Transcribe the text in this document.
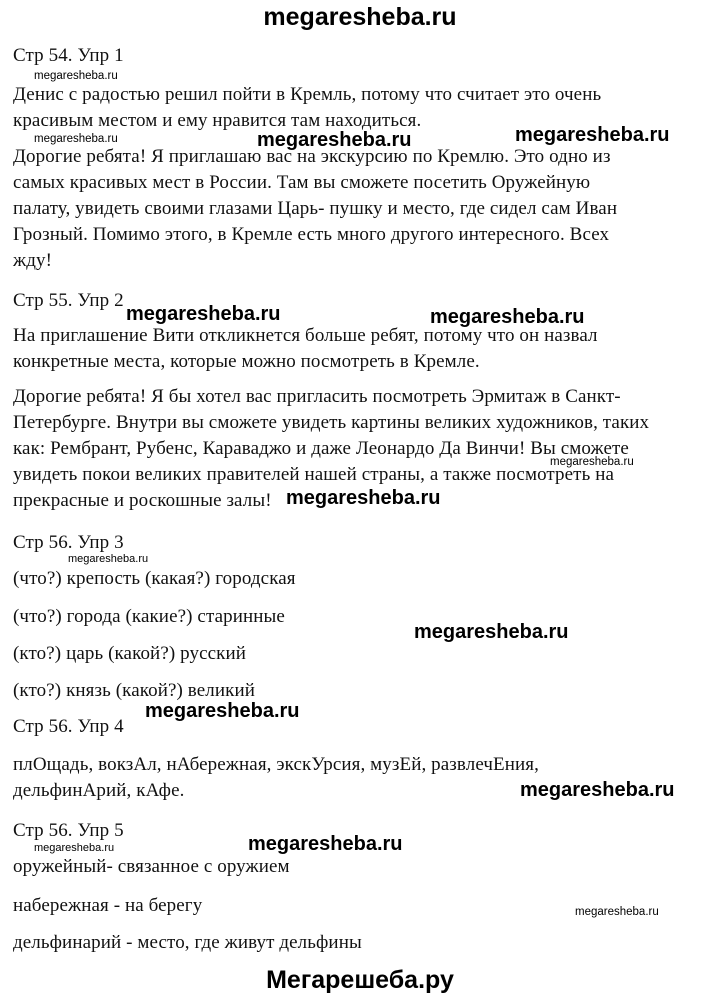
megaresheba.ru
Мегарешеба.ру
Стр 54. Упр 1
Стр 55. Упр 2
Стр 56. Упр 3
Стр 56. Упр 4
Стр 56. Упр 5
Денис с радостью решил пойти в Кремль, потому что считает это очень
красивым местом и ему нравится там находиться.
Дорогие ребята! Я приглашаю вас на экскурсию по Кремлю. Это одно из
самых красивых мест в России. Там вы сможете посетить Оружейную
палату, увидеть своими глазами Царь- пушку и место, где сидел сам Иван
Грозный. Помимо этого, в Кремле есть много другого интересного. Всех
жду!
На приглашение Вити откликнется больше ребят, потому что он назвал
конкретные места, которые можно посмотреть в Кремле.
Дорогие ребята! Я бы хотел вас пригласить посмотреть Эрмитаж в Санкт-
Петербурге. Внутри вы сможете увидеть картины великих художников, таких
как: Рембрант, Рубенс, Караваджо и даже Леонардо Да Винчи! Вы сможете
увидеть покои великих правителей нашей страны, а также посмотреть на
прекрасные и роскошные залы!
(что?) крепость (какая?) городская
(что?) города (какие?) старинные
(кто?) царь (какой?) русский
(кто?) князь (какой?) великий
плОщадь, вокзАл, нАбережная, экскУрсия, музЕй, развлечЕния,
дельфинАрий, кАфе.
оружейный- связанное с оружием
набережная - на берегу
дельфинарий - место, где живут дельфины
megaresheba.ru
megaresheba.ru	megaresheba.ru	megaresheba.ru
megaresheba.ru	megaresheba.ru
megaresheba.ru
megaresheba.ru
megaresheba.ru
megaresheba.ru
megaresheba.ru
megaresheba.ru
megaresheba.ru
megaresheba.ru
megaresheba.ru
